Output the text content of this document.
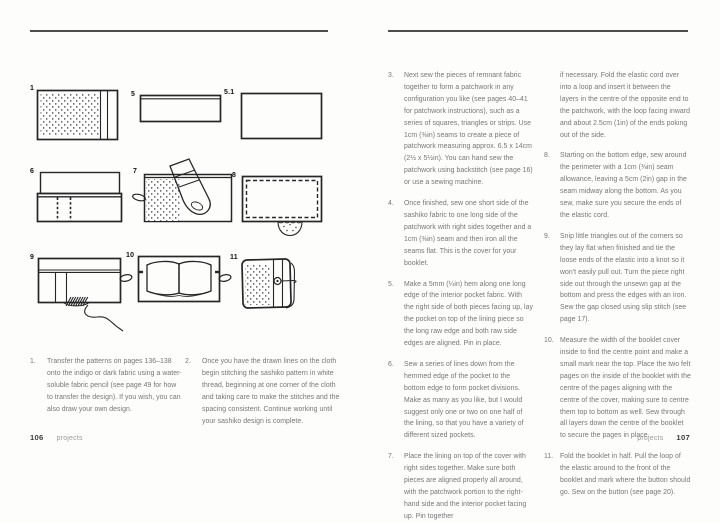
1
5	5.1
6	7
8
9	10	11
1.	Transfer the patterns on pages 136–138 onto the indigo or dark fabric using a water-soluble fabric pencil (see page 49 for how to transfer the design). If you wish, you can also draw your own design.
2.	Once you have the drawn lines on the cloth begin stitching the sashiko pattern in white thread, beginning at one corner of the cloth and taking care to make the stitches and the spacing consistent. Continue working until your sashiko design is complete.
106 projects
3.	Next sew the pieces of remnant fabric together to form a patchwork in any configuration you like (see pages 40–41 for patchwork instructions), such as a series of squares, triangles or strips. Use 1cm (⅜in) seams to create a piece of patchwork measuring approx. 6.5 x 14cm (2½ x 5½in). You can hand sew the patchwork using backstitch (see page 16) or use a sewing machine.
4.	Once finished, sew one short side of the sashiko fabric to one long side of the patchwork with right sides together and a 1cm (⅜in) seam and then iron all the seams flat. This is the cover for your booklet.
5.	Make a 5mm (¼in) hem along one long edge of the interior pocket fabric. With the right side of both pieces facing up, lay the pocket on top of the lining piece so the long raw edge and both raw side edges are aligned. Pin in place.
6.	Sew a series of lines down from the hemmed edge of the pocket to the bottom edge to form pocket divisions. Make as many as you like, but I would suggest only one or two on one half of the lining, so that you have a variety of different sized pockets.
7.	Place the lining on top of the cover with right sides together. Make sure both pieces are aligned properly all around, with the patchwork portion to the right-hand side and the interior pocket facing up. Pin together
if necessary. Fold the elastic cord over into a loop and insert it between the layers in the centre of the opposite end to the patchwork, with the loop facing inward and about 2.5cm (1in) of the ends poking out of the side.
8.	Starting on the bottom edge, sew around the perimeter with a 1cm (⅜in) seam allowance, leaving a 5cm (2in) gap in the seam midway along the bottom. As you sew, make sure you secure the ends of the elastic cord.
9.	Snip little triangles out of the corners so they lay flat when finished and tie the loose ends of the elastic into a knot so it won't easily pull out. Turn the piece right side out through the unsewn gap at the bottom and press the edges with an iron. Sew the gap closed using slip stitch (see page 17).
10. Measure the width of the booklet cover inside to find the centre point and make a small mark near the top. Place the two felt pages on the inside of the booklet with the centre of the pages aligning with the centre of the cover, making sure to centre them top to bottom as well. Sew through all layers down the centre of the booklet to secure the pages in place.
11. Fold the booklet in half. Pull the loop of the elastic around to the front of the booklet and mark where the button should go. Sew on the button (see page 20).
projects 107
